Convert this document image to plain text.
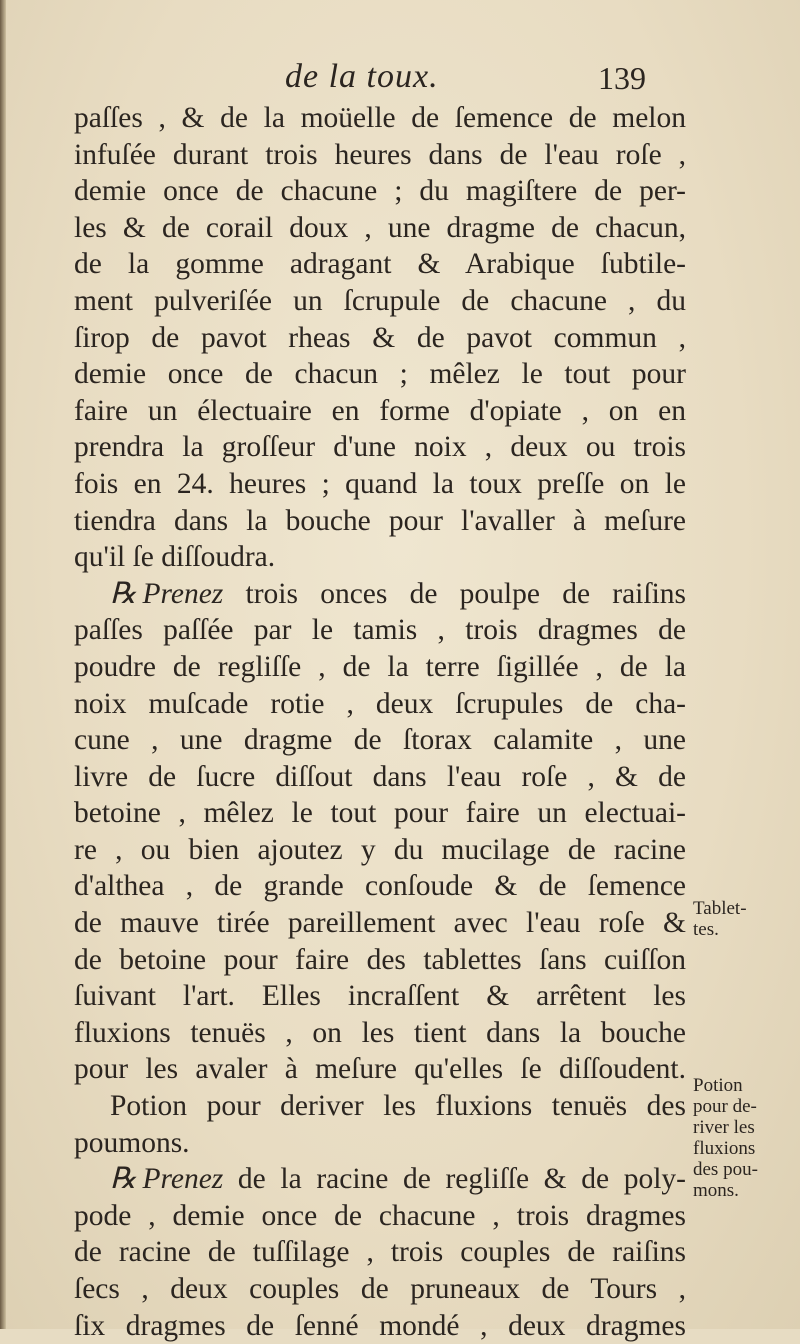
de la toux.	139
paſſes , & de la moüelle de ſemence de melon
infuſée durant trois heures dans de l'eau roſe ,
demie once de chacune ; du magiſtere de per-
les & de corail doux , une dragme de chacun,
de la gomme adragant & Arabique ſubtile-
ment pulveriſée un ſcrupule de chacune , du
ſirop de pavot rheas & de pavot commun ,
demie once de chacun ; mêlez le tout pour
faire un électuaire en forme d'opiate , on en
prendra la groſſeur d'une noix , deux ou trois
fois en 24. heures ; quand la toux preſſe on le
tiendra dans la bouche pour l'avaller à meſure
qu'il ſe diſſoudra.
℞ Prenez trois onces de poulpe de raiſins
paſſes paſſée par le tamis , trois dragmes de
poudre de regliſſe , de la terre ſigillée , de la
noix muſcade rotie , deux ſcrupules de cha-
cune , une dragme de ſtorax calamite , une
livre de ſucre diſſout dans l'eau roſe , & de
betoine , mêlez le tout pour faire un electuai-
re , ou bien ajoutez y du mucilage de racine
d'althea , de grande conſoude & de ſemence
de mauve tirée pareillement avec l'eau roſe &
de betoine pour faire des tablettes ſans cuiſſon
ſuivant l'art. Elles incraſſent & arrêtent les
fluxions tenuës , on les tient dans la bouche
pour les avaler à meſure qu'elles ſe diſſoudent.
Potion pour deriver les fluxions tenuës des
poumons.
℞ Prenez de la racine de regliſſe & de poly-
pode , demie once de chacune , trois dragmes
de racine de tuſſilage , trois couples de raiſins
ſecs , deux couples de pruneaux de Tours ,
ſix dragmes de ſenné mondé , deux dragmes
Tablet-
tes.
Potion
pour de-
river les
fluxions
des pou-
mons.
